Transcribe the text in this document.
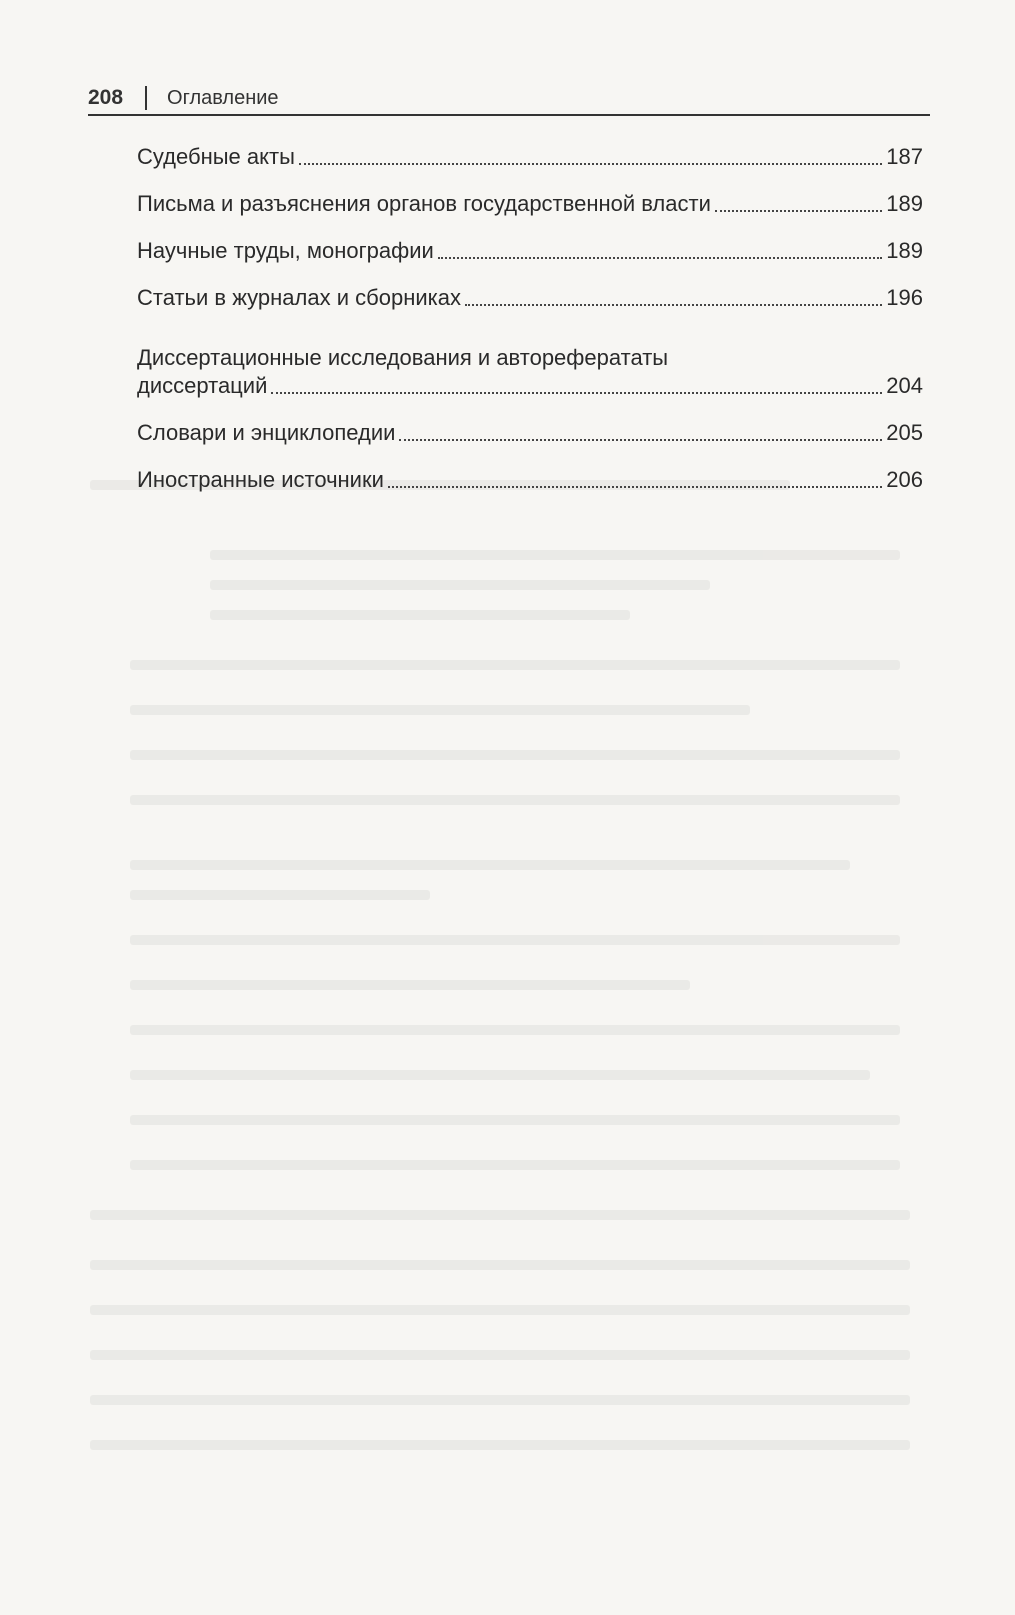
208 Оглавление
Судебные акты	187
Письма и разъяснения органов государственной власти	189
Научные труды, монографии	189
Статьи в журналах и сборниках	196
Диссертационные исследования и автореферататы
диссертаций	204
Словари и энциклопедии	205
Иностранные источники	206
